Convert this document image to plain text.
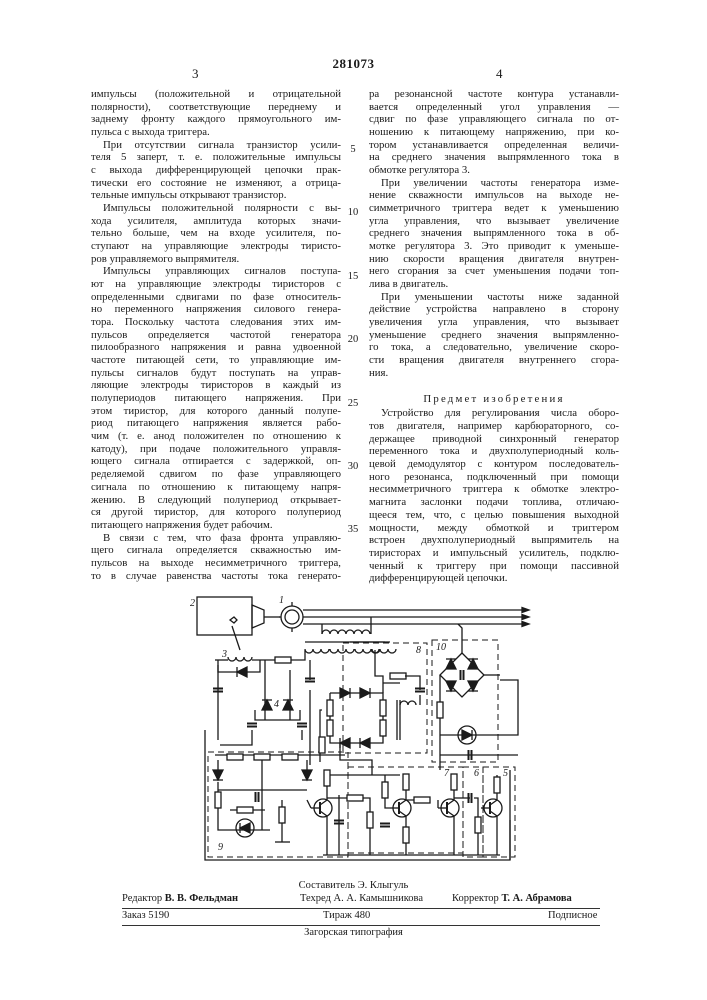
281073
3	4
импульсы (положительной и отрицательной
полярности), соответствующие переднему и
заднему фронту каждого прямоугольного им-
пульса с выхода триггера.
При отсутствии сигнала транзистор усили-
теля 5 заперт, т. е. положительные импульсы
с выхода дифференцирующей цепочки прак-
тически его состояние не изменяют, а отрица-
тельные импульсы открывают транзистор.
Импульсы положительной полярности с вы-
хода усилителя, амплитуда которых значи-
тельно больше, чем на входе усилителя, по-
ступают на управляющие электроды тиристо-
ров управляемого выпрямителя.
Импульсы управляющих сигналов поступа-
ют на управляющие электроды тиристоров с
определенными сдвигами по фазе относитель-
но переменного напряжения силового генера-
тора. Поскольку частота следования этих им-
пульсов определяется частотой генератора
пилообразного напряжения и равна удвоенной
частоте питающей сети, то управляющие им-
пульсы сигналов будут поступать на управ-
ляющие электроды тиристоров в каждый из
полупериодов питающего напряжения. При
этом тиристор, для которого данный полупе-
риод питающего напряжения является рабо-
чим (т. е. анод положителен по отношению к
катоду), при подаче положительного управля-
ющего сигнала отпирается с задержкой, оп-
ределяемой сдвигом по фазе управляющего
сигнала по отношению к питающему напря-
жению. В следующий полупериод открывает-
ся другой тиристор, для которого полупериод
питающего напряжения будет рабочим.
В связи с тем, что фаза фронта управляю-
щего сигнала определяется скважностью им-
пульсов на выходе несимметричного триггера,
то в случае равенства частоты тока генерато-
ра резонансной частоте контура устанавли-
вается определенный угол управления —
сдвиг по фазе управляющего сигнала по от-
ношению к питающему напряжению, при ко-
тором устанавливается определенная величи-
на среднего значения выпрямленного тока в
обмотке регулятора 3.
При увеличении частоты генератора изме-
нение скважности импульсов на выходе не-
симметричного триггера ведет к уменьшению
угла управления, что вызывает увеличение
среднего значения выпрямленного тока в об-
мотке регулятора 3. Это приводит к уменьше-
нию скорости вращения двигателя внутрен-
него сгорания за счет уменьшения подачи топ-
лива в двигатель.
При уменьшении частоты ниже заданной
действие устройства направлено в сторону
увеличения угла управления, что вызывает
уменьшение среднего значения выпрямленно-
го тока, а следовательно, увеличение скоро-
сти вращения двигателя внутреннего сгора-
ния.
Предмет изобретения
Устройство для регулирования числа оборо-
тов двигателя, например карбюраторного, со-
держащее приводной синхронный генератор
переменного тока и двухполупериодный коль-
цевой демодулятор с контуром последователь-
ного резонанса, подключенный при помощи
несимметричного триггера к обмотке электро-
магнита заслонки подачи топлива, отличаю-
щееся тем, что, с целью повышения выходной
мощности, между обмоткой и триггером
встроен двухполупериодный выпрямитель на
тиристорах и импульсный усилитель, подклю-
ченный к триггеру при помощи пассивной
дифференцирующей цепочки.
5
10
15
20
25
30
35
1
2
3
4
5
6
7
8
9
10
Составитель Э. Клыгуль
Редактор В. В. Фельдман	Техред А. А. Камышникова	Корректор Т. А. Абрамова
Заказ 5190	Тираж 480	Подписное
Загорская типография
